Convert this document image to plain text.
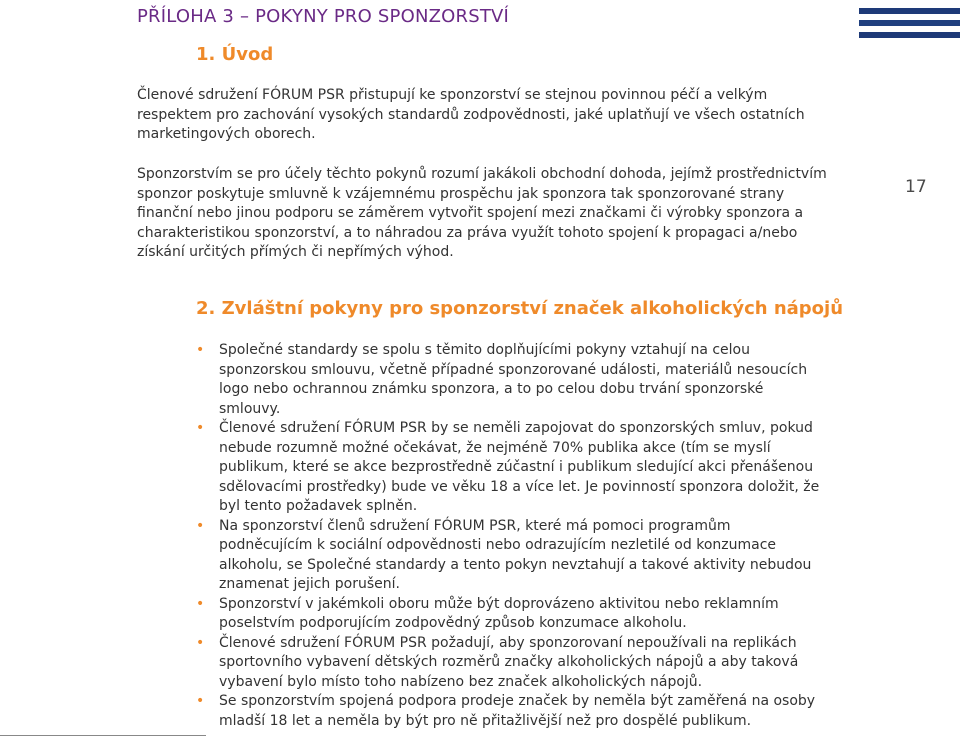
PŘÍLOHA 3 – POKYNY PRO SPONZORSTVÍ
17
1. Úvod
Členové sdružení FÓRUM PSR přistupují ke sponzorství se stejnou povinnou péčí a velkým respektem pro zachování vysokých standardů zodpovědnosti, jaké uplatňují ve všech ostatních marketingových oborech.
Sponzorstvím se pro účely těchto pokynů rozumí jakákoli obchodní dohoda, jejímž prostřednictvím sponzor poskytuje smluvně k vzájemnému prospěchu jak sponzora tak sponzorované strany finanční nebo jinou podporu se záměrem vytvořit spojení mezi značkami či výrobky sponzora a charakteristikou sponzorství, a to náhradou za práva využít tohoto spojení k propagaci a/nebo získání určitých přímých či nepřímých výhod.
2. Zvláštní pokyny pro sponzorství značek alkoholických nápojů
• Společné standardy se spolu s těmito doplňujícími pokyny vztahují na celou sponzorskou smlouvu, včetně případné sponzorované události, materiálů nesoucích logo nebo ochrannou známku sponzora, a to po celou dobu trvání sponzorské smlouvy.
• Členové sdružení FÓRUM PSR by se neměli zapojovat do sponzorských smluv, pokud nebude rozumně možné očekávat, že nejméně 70% publika akce (tím se myslí publikum, které se akce bezprostředně zúčastní i publikum sledující akci přenášenou sdělovacími prostředky) bude ve věku 18 a více let. Je povinností sponzora doložit, že byl tento požadavek splněn.
• Na sponzorství členů sdružení FÓRUM PSR, které má pomoci programům podněcujícím k sociální odpovědnosti nebo odrazujícím nezletilé od konzumace alkoholu, se Společné standardy a tento pokyn nevztahují a takové aktivity nebudou znamenat jejich porušení.
• Sponzorství v jakémkoli oboru může být doprovázeno aktivitou nebo reklamním poselstvím podporujícím zodpovědný způsob konzumace alkoholu.
• Členové sdružení FÓRUM PSR požadují, aby sponzorovaní nepoužívali na replikách sportovního vybavení dětských rozměrů značky alkoholických nápojů a aby taková vybavení bylo místo toho nabízeno bez značek alkoholických nápojů.
• Se sponzorstvím spojená podpora prodeje značek by neměla být zaměřená na osoby mladší 18 let a neměla by být pro ně přitažlivější než pro dospělé publikum.
